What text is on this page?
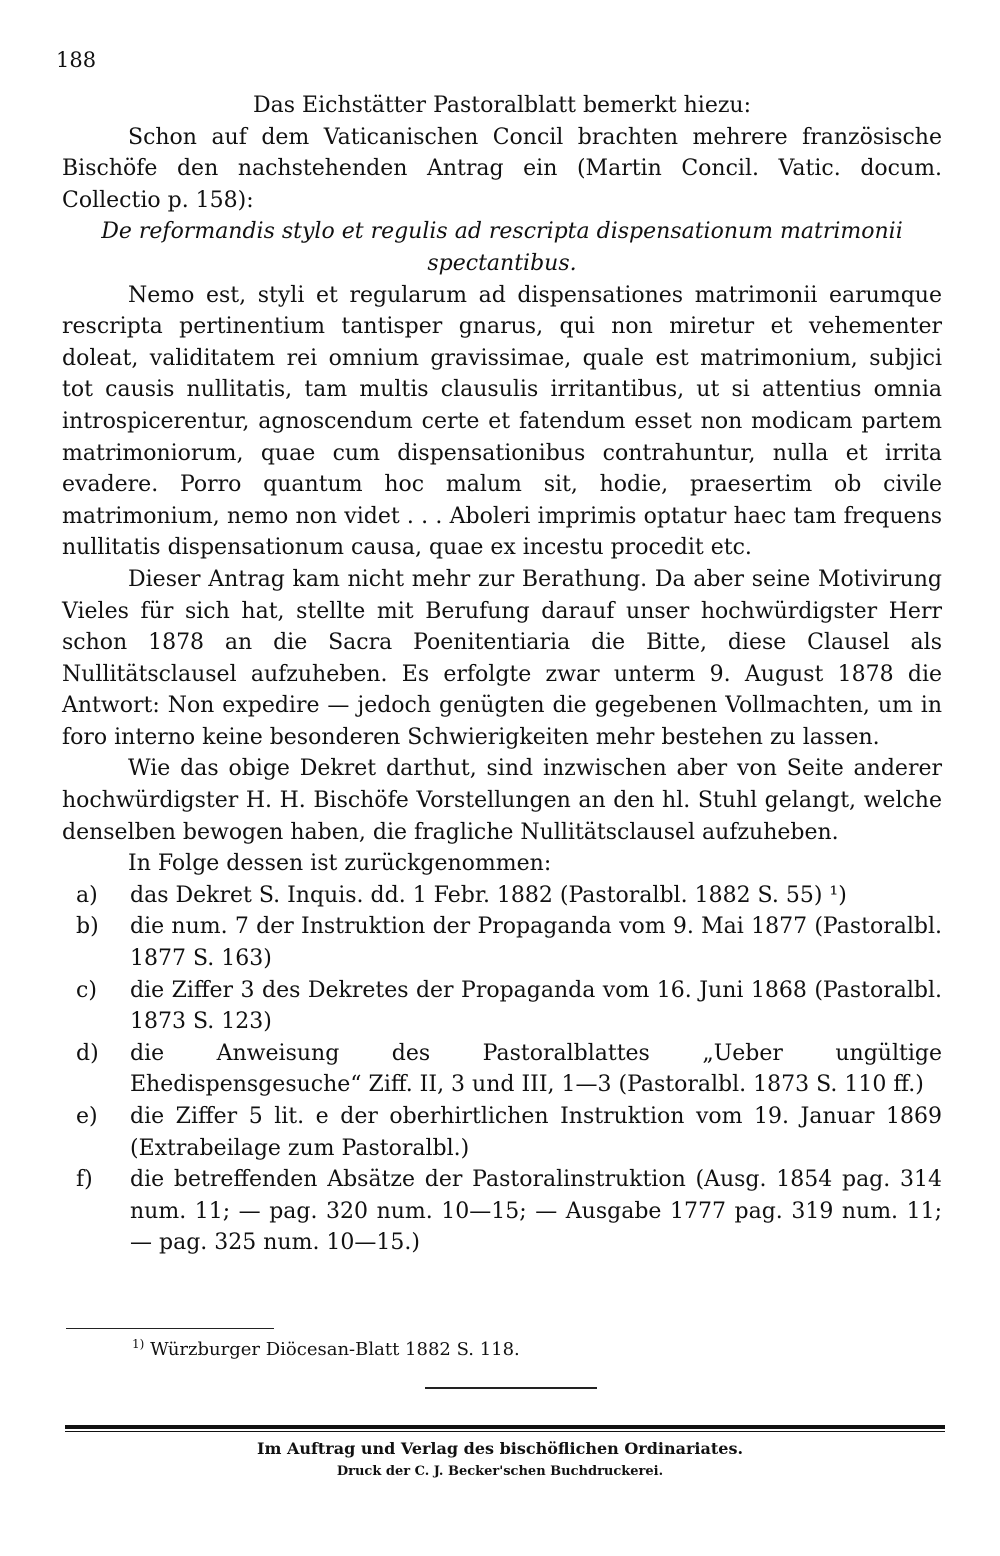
188

Das Eichstätter Pastoralblatt bemerkt hiezu:

Schon auf dem Vaticanischen Concil brachten mehrere französische Bischöfe den nachstehenden Antrag ein (Martin Concil. Vatic. docum. Collectio p. 158):

De reformandis stylo et regulis ad rescripta dispensationum matrimonii spectantibus.

Nemo est, styli et regularum ad dispensationes matrimonii earumque rescripta pertinentium tantisper gnarus, qui non miretur et vehementer doleat, validitatem rei omnium gravissimae, quale est matrimonium, subjici tot causis nullitatis, tam multis clausulis irritantibus, ut si attentius omnia introspicerentur, agnoscendum certe et fatendum esset non modicam partem matrimoniorum, quae cum dispensationibus contrahuntur, nulla et irrita evadere. Porro quantum hoc malum sit, hodie, praesertim ob civile matrimonium, nemo non videt . . . Aboleri imprimis optatur haec tam frequens nullitatis dispensationum causa, quae ex incestu procedit etc.

Dieser Antrag kam nicht mehr zur Berathung. Da aber seine Motivirung Vieles für sich hat, stellte mit Berufung darauf unser hochwürdigster Herr schon 1878 an die Sacra Poenitentiaria die Bitte, diese Clausel als Nullitätsclausel aufzuheben. Es erfolgte zwar unterm 9. August 1878 die Antwort: Non expedire — jedoch genügten die gegebenen Vollmachten, um in foro interno keine besonderen Schwierigkeiten mehr bestehen zu lassen.

Wie das obige Dekret darthut, sind inzwischen aber von Seite anderer hochwürdigster H. H. Bischöfe Vorstellungen an den hl. Stuhl gelangt, welche denselben bewogen haben, die fragliche Nullitätsclausel aufzuheben.

In Folge dessen ist zurückgenommen:

a) das Dekret S. Inquis. dd. 1 Febr. 1882 (Pastoralbl. 1882 S. 55) ¹)
b) die num. 7 der Instruktion der Propaganda vom 9. Mai 1877 (Pastoralbl. 1877 S. 163)
c) die Ziffer 3 des Dekretes der Propaganda vom 16. Juni 1868 (Pastoralbl. 1873 S. 123)
d) die Anweisung des Pastoralblattes „Ueber ungültige Ehedispensgesuche“ Ziff. II, 3 und III, 1—3 (Pastoralbl. 1873 S. 110 ff.)
e) die Ziffer 5 lit. e der oberhirtlichen Instruktion vom 19. Januar 1869 (Extrabeilage zum Pastoralbl.)
f) die betreffenden Absätze der Pastoralinstruktion (Ausg. 1854 pag. 314 num. 11; — pag. 320 num. 10—15; — Ausgabe 1777 pag. 319 num. 11; — pag. 325 num. 10—15.)
$^{1)}$ Würzburger Diöcesan-Blatt 1882 S. 118.
Im Auftrag und Verlag des bischöflichen Ordinariates.
Druck der C. J. Becker'schen Buchdruckerei.
